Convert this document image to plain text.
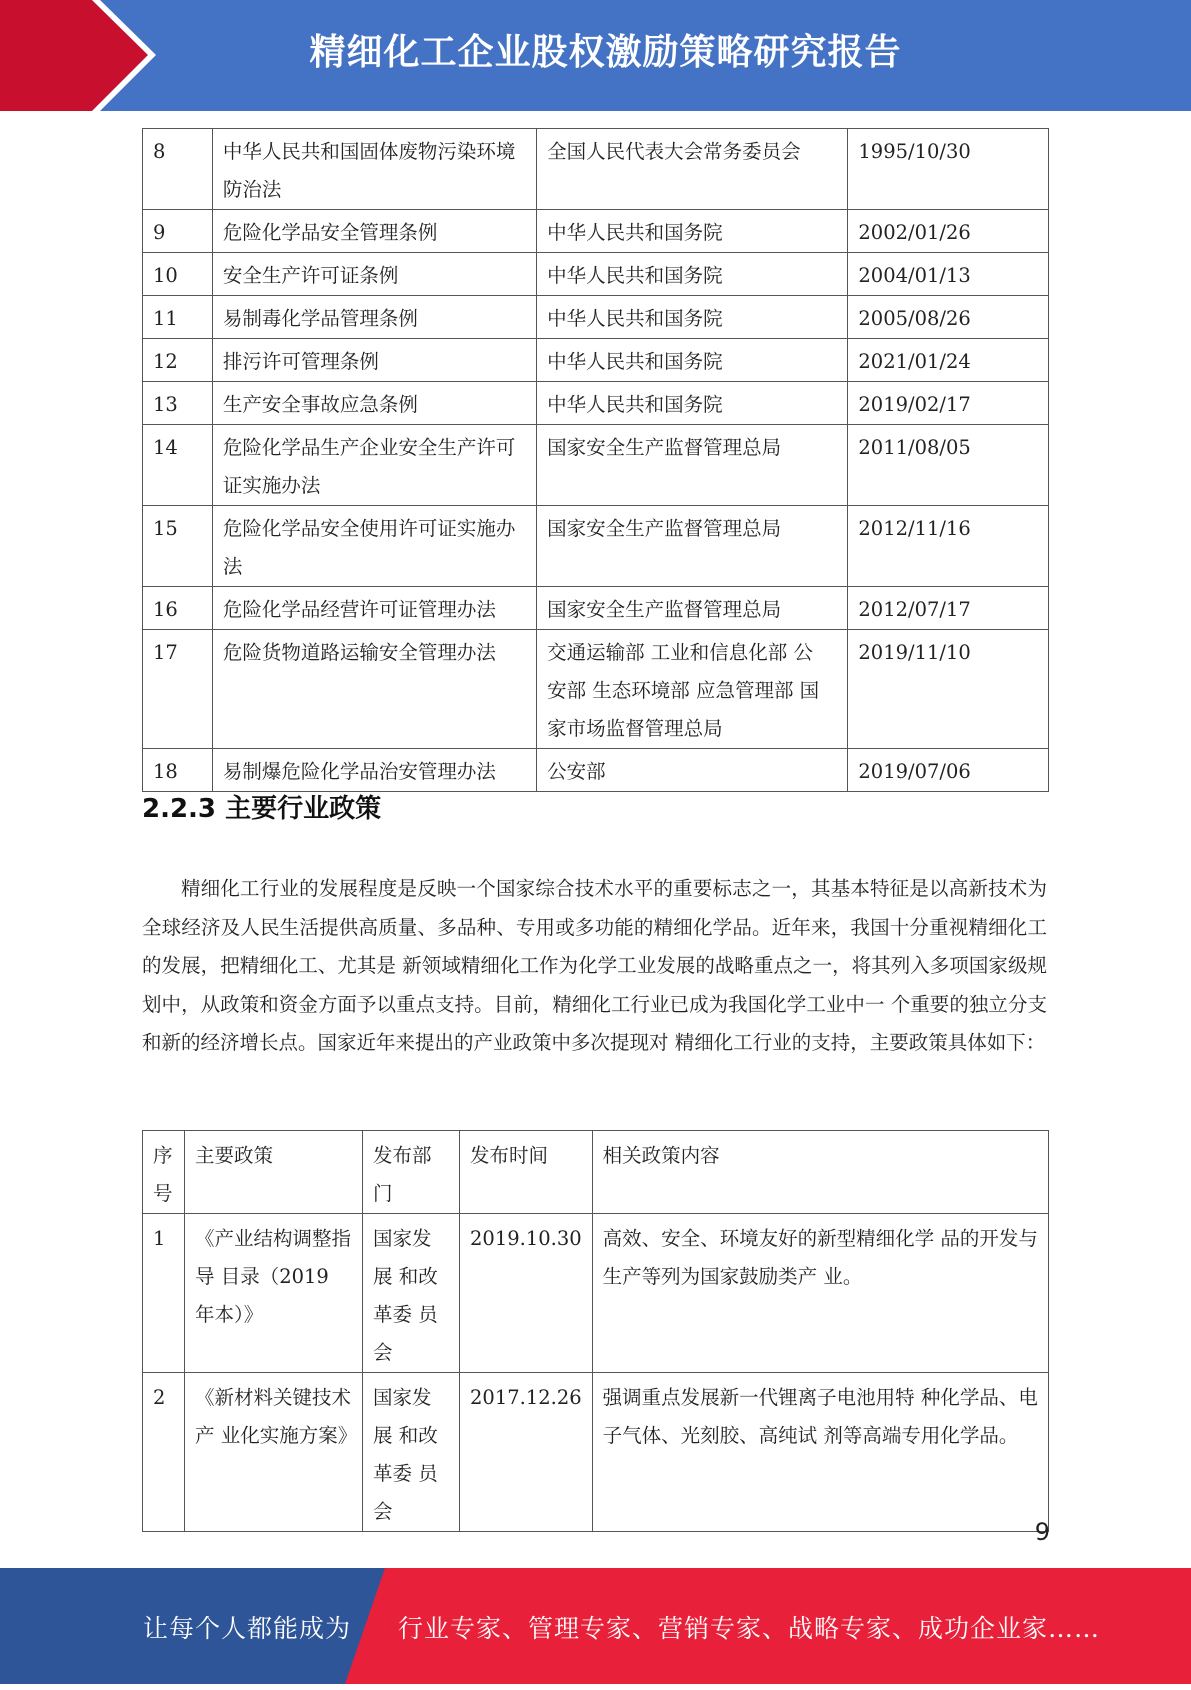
精细化工企业股权激励策略研究报告
8	中华人民共和国固体废物污染环境防治法	全国人民代表大会常务委员会	1995/10/30
9	危险化学品安全管理条例	中华人民共和国务院	2002/01/26
10	安全生产许可证条例	中华人民共和国务院	2004/01/13
11	易制毒化学品管理条例	中华人民共和国务院	2005/08/26
12	排污许可管理条例	中华人民共和国务院	2021/01/24
13	生产安全事故应急条例	中华人民共和国务院	2019/02/17
14	危险化学品生产企业安全生产许可证实施办法	国家安全生产监督管理总局	2011/08/05
15	危险化学品安全使用许可证实施办法	国家安全生产监督管理总局	2012/11/16
16	危险化学品经营许可证管理办法	国家安全生产监督管理总局	2012/07/17
17	危险货物道路运输安全管理办法	交通运输部 工业和信息化部 公 安部 生态环境部 应急管理部 国家市场监督管理总局	2019/11/10
18	易制爆危险化学品治安管理办法	公安部	2019/07/06
2.2.3 主要行业政策

精细化工行业的发展程度是反映一个国家综合技术水平的重要标志之一，其基本特征是以高新技术为全球经济及人民生活提供高质量、多品种、专用或多功能的精细化学品。近年来，我国十分重视精细化工的发展，把精细化工、尤其是 新领域精细化工作为化学工业发展的战略重点之一，将其列入多项国家级规划中，从政策和资金方面予以重点支持。目前，精细化工行业已成为我国化学工业中一 个重要的独立分支和新的经济增长点。国家近年来提出的产业政策中多次提现对 精细化工行业的支持，主要政策具体如下：

序号	主要政策	发布部门	发布时间	相关政策内容
1	《产业结构调整指导 目录（2019 年本）》	国家发展 和改革委 员会	2019.10.30	高效、安全、环境友好的新型精细化学 品的开发与生产等列为国家鼓励类产 业。
2	《新材料关键技术产 业化实施方案》	国家发展 和改革委 员会	2017.12.26	强调重点发展新一代锂离子电池用特 种化学品、电子气体、光刻胶、高纯试 剂等高端专用化学品。
9
让每个人都能成为 行业专家、管理专家、营销专家、战略专家、成功企业家……
